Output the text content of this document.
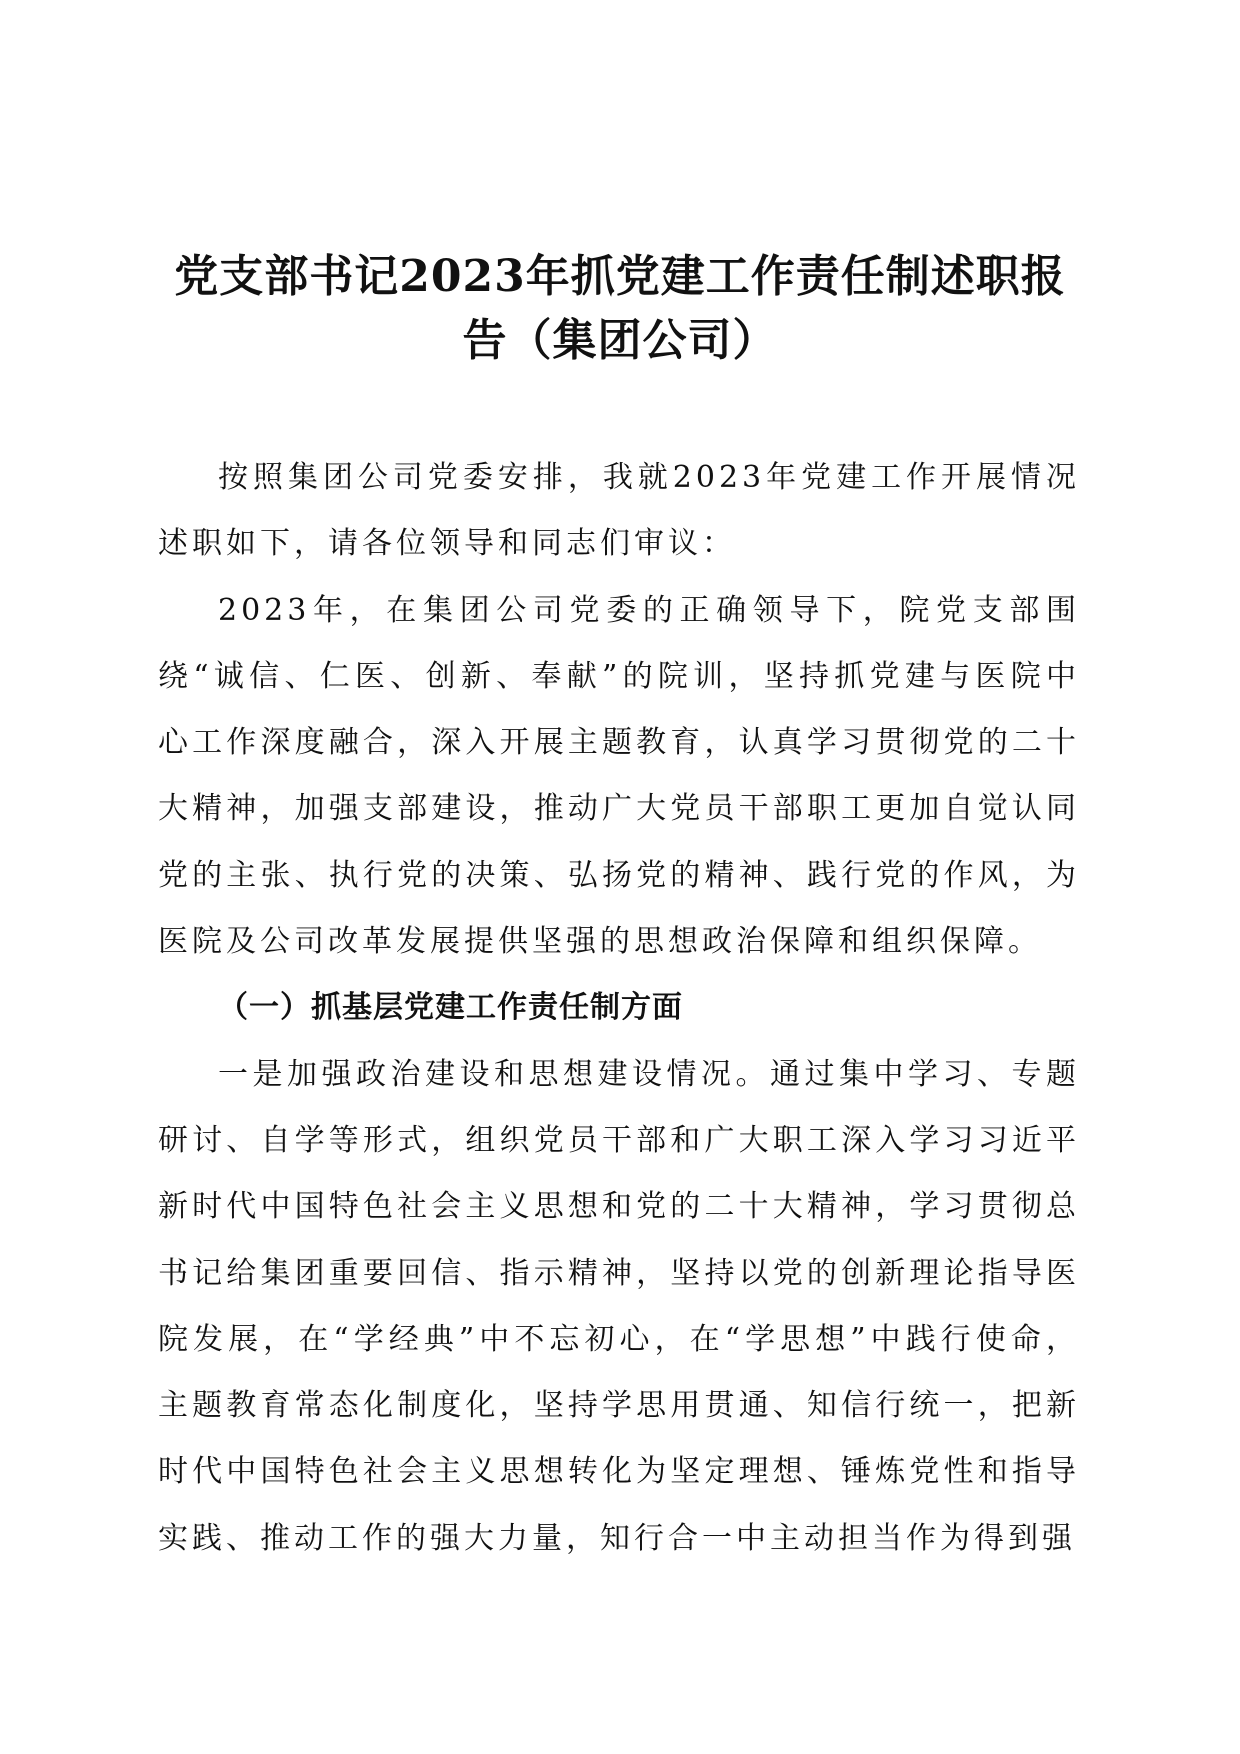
党支部书记2023年抓党建工作责任制述职报
告（集团公司）

按照集团公司党委安排，我就2023年党建工作开展情况述职如下，请各位领导和同志们审议：

2023年，在集团公司党委的正确领导下，院党支部围绕“诚信、仁医、创新、奉献”的院训，坚持抓党建与医院中心工作深度融合，深入开展主题教育，认真学习贯彻党的二十大精神，加强支部建设，推动广大党员干部职工更加自觉认同党的主张、执行党的决策、弘扬党的精神、践行党的作风，为医院及公司改革发展提供坚强的思想政治保障和组织保障。

（一）抓基层党建工作责任制方面

一是加强政治建设和思想建设情况。通过集中学习、专题研讨、自学等形式，组织党员干部和广大职工深入学习习近平新时代中国特色社会主义思想和党的二十大精神，学习贯彻总书记给集团重要回信、指示精神，坚持以党的创新理论指导医院发展，在“学经典”中不忘初心，在“学思想”中践行使命，主题教育常态化制度化，坚持学思用贯通、知信行统一，把新时代中国特色社会主义思想转化为坚定理想、锤炼党性和指导实践、推动工作的强大力量，知行合一中主动担当作为得到强
